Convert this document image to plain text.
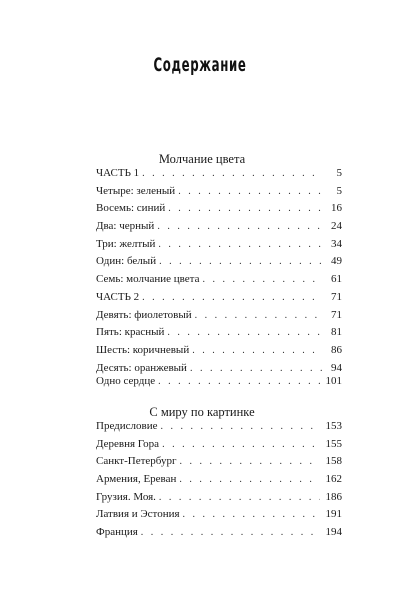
Содержание
Молчание цвета
ЧАСТЬ 1 . . .	5
Четыре: зеленый . . .	5
Восемь: синий . . .	16
Два: черный . . .	24
Три: желтый . . .	34
Один: белый . . .	49
Семь: молчание цвета . . .	61
ЧАСТЬ 2 . . .	71
Девять: фиолетовый . . .	71
Пять: красный . . .	81
Шесть: коричневый . . .	86
Десять: оранжевый . . .	94
Одно сердце . . .	101
С миру по картинке
Предисловие . . .	153
Деревня Гора . . .	155
Санкт-Петербург . . .	158
Армения, Ереван . . .	162
Грузия. Моя. . . .	186
Латвия и Эстония . . .	191
Франция . . .	194
